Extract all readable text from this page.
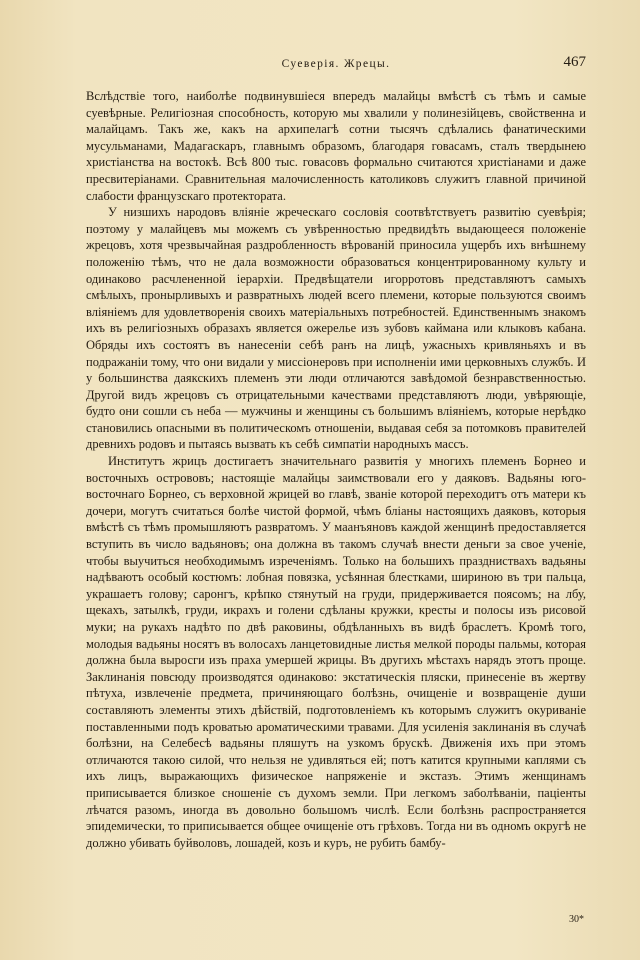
Суеверія. Жрецы.	467

Вслѣдствіе того, наиболѣе подвинувшіеся впередъ малайцы вмѣстѣ съ тѣмъ и самые суевѣрные. Религіозная способность, которую мы хвалили у полинезійцевъ, свойственна и малайцамъ. Такъ же, какъ на архипелагѣ сотни тысячъ сдѣлались фанатическими мусульманами, Мадагаскаръ, главнымъ образомъ, благодаря говасамъ, сталъ твердынею христіанства на востокѣ. Всѣ 800 тыс. говасовъ формально считаются христіанами и даже пресвитеріанами. Сравнительная малочисленность католиковъ служитъ главной причиной слабости французскаго протектората.

У низшихъ народовъ вліяніе жреческаго сословія соотвѣтствуетъ развитію суевѣрія; поэтому у малайцевъ мы можемъ съ увѣренностью предвидѣть выдающееся положеніе жрецовъ, хотя чрезвычайная раздробленность вѣрованій приносила ущербъ ихъ внѣшнему положенію тѣмъ, что не дала возможности образоваться концентрированному культу и одинаково расчлененной іерархіи. Предвѣщатели игорротовъ представляютъ самыхъ смѣлыхъ, пронырливыхъ и развратныхъ людей всего племени, которые пользуются своимъ вліяніемъ для удовлетворенія своихъ матеріальныхъ потребностей. Единственнымъ знакомъ ихъ въ религіозныхъ образахъ является ожерелье изъ зубовъ каймана или клыковъ кабана. Обряды ихъ состоятъ въ нанесеніи себѣ ранъ на лицѣ, ужасныхъ кривляньяхъ и въ подражаніи тому, что они видали у миссіонеровъ при исполненіи ими церковныхъ службъ. И у большинства даякскихъ племенъ эти люди отличаются завѣдомой безнравственностью. Другой видъ жрецовъ съ отрицательными качествами представляютъ люди, увѣряющіе, будто они сошли съ неба — мужчины и женщины съ большимъ вліяніемъ, которые нерѣдко становились опасными въ политическомъ отношеніи, выдавая себя за потомковъ правителей древнихъ родовъ и пытаясь вызвать къ себѣ симпатіи народныхъ массъ.

Институтъ жрицъ достигаетъ значительнаго развитія у многихъ племенъ Борнео и восточныхъ острововъ; настоящіе малайцы заимствовали его у даяковъ. Вадьяны юго-восточнаго Борнео, съ верховной жрицей во главѣ, званіе которой переходитъ отъ матери къ дочери, могутъ считаться болѣе чистой формой, чѣмъ бліаны настоящихъ даяковъ, которыя вмѣстѣ съ тѣмъ промышляютъ развратомъ. У маанъяновъ каждой женщинѣ предоставляется вступить въ число вадьяновъ; она должна въ такомъ случаѣ внести деньги за свое ученіе, чтобы выучиться необходимымъ изреченіямъ. Только на большихъ праздниствахъ вадьяны надѣваютъ особый костюмъ: лобная повязка, усѣянная блестками, шириною въ три пальца, украшаетъ голову; саронгъ, крѣпко стянутый на груди, придерживается поясомъ; на лбу, щекахъ, затылкѣ, груди, икрахъ и голени сдѣланы кружки, кресты и полосы изъ рисовой муки; на рукахъ надѣто по двѣ раковины, обдѣланныхъ въ видѣ браслетъ. Кромѣ того, молодыя вадьяны носятъ въ волосахъ ланцетовидные листья мелкой породы пальмы, которая должна была выросги изъ праха умершей жрицы. Въ другихъ мѣстахъ нарядъ этотъ проще. Заклинанія повсюду производятся одинаково: экстатическія пляски, принесеніе въ жертву пѣтуха, извлеченіе предмета, причиняющаго болѣзнь, очищеніе и возвращеніе души составляютъ элементы этихъ дѣйствій, подготовленіемъ къ которымъ служитъ окуриваніе поставленными подъ кроватью ароматическими травами. Для усиленія заклинанія въ случаѣ болѣзни, на Селебесѣ вадьяны пляшутъ на узкомъ брускѣ. Движенія ихъ при этомъ отличаются такою силой, что нельзя не удивляться ей; потъ катится крупными каплями съ ихъ лицъ, выражающихъ физическое напряженіе и экстазъ. Этимъ женщинамъ приписывается близкое сношеніе съ духомъ земли. При легкомъ заболѣваніи, паціенты лѣчатся разомъ, иногда въ довольно большомъ числѣ. Если болѣзнь распространяется эпидемически, то приписывается общее очищеніе отъ грѣховъ. Тогда ни въ одномъ округѣ не должно убивать буйволовъ, лошадей, козъ и куръ, не рубить бамбу-

30*
